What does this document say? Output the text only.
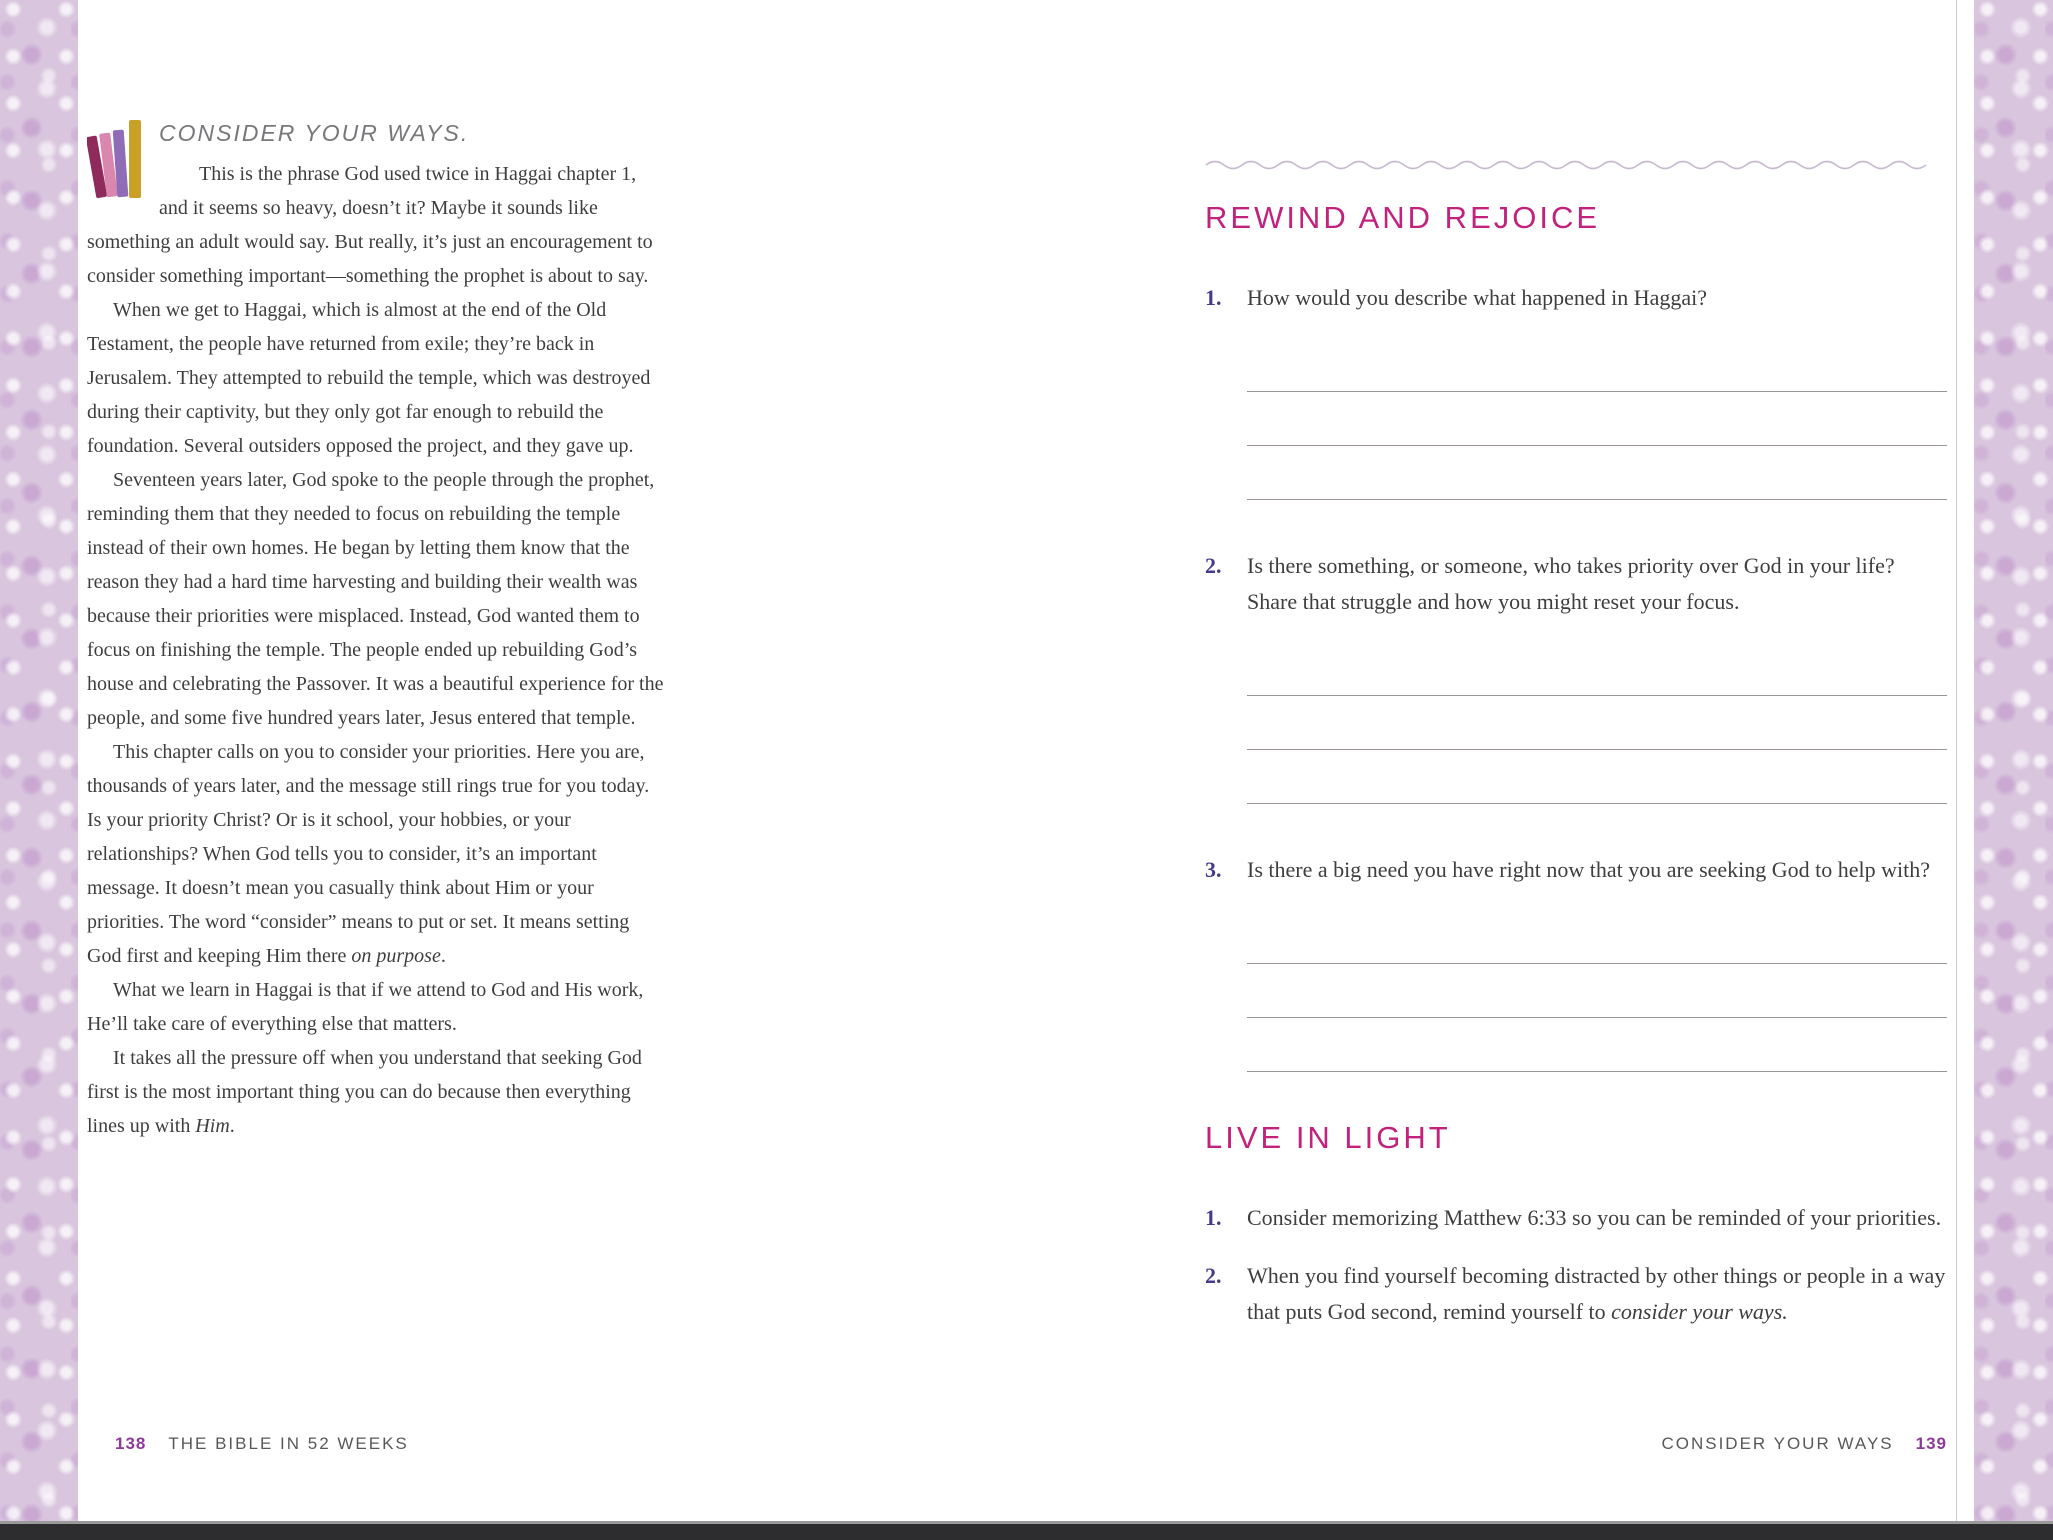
CONSIDER YOUR WAYS.

This is the phrase God used twice in Haggai chapter 1, and it seems so heavy, doesn’t it? Maybe it sounds like something an adult would say. But really, it’s just an encouragement to consider something important—something the prophet is about to say.

When we get to Haggai, which is almost at the end of the Old Testament, the people have returned from exile; they’re back in Jerusalem. They attempted to rebuild the temple, which was destroyed during their captivity, but they only got far enough to rebuild the foundation. Several outsiders opposed the project, and they gave up.

Seventeen years later, God spoke to the people through the prophet, reminding them that they needed to focus on rebuilding the temple instead of their own homes. He began by letting them know that the reason they had a hard time harvesting and building their wealth was because their priorities were misplaced. Instead, God wanted them to focus on finishing the temple. The people ended up rebuilding God’s house and celebrating the Passover. It was a beautiful experience for the people, and some five hundred years later, Jesus entered that temple.

This chapter calls on you to consider your priorities. Here you are, thousands of years later, and the message still rings true for you today. Is your priority Christ? Or is it school, your hobbies, or your relationships? When God tells you to consider, it’s an important message. It doesn’t mean you casually think about Him or your priorities. The word “consider” means to put or set. It means setting God first and keeping Him there on purpose.

What we learn in Haggai is that if we attend to God and His work, He’ll take care of everything else that matters.

It takes all the pressure off when you understand that seeking God first is the most important thing you can do because then everything lines up with Him.

REWIND AND REJOICE
1.	How would you describe what happened in Haggai?
2.	Is there something, or someone, who takes priority over God in your life? Share that struggle and how you might reset your focus.
3.	Is there a big need you have right now that you are seeking God to help with?
LIVE IN LIGHT
1.	Consider memorizing Matthew 6:33 so you can be reminded of your priorities.
2.	When you find yourself becoming distracted by other things or people in a way that puts God second, remind yourself to consider your ways.
138 THE BIBLE IN 52 WEEKS	CONSIDER YOUR WAYS 139
